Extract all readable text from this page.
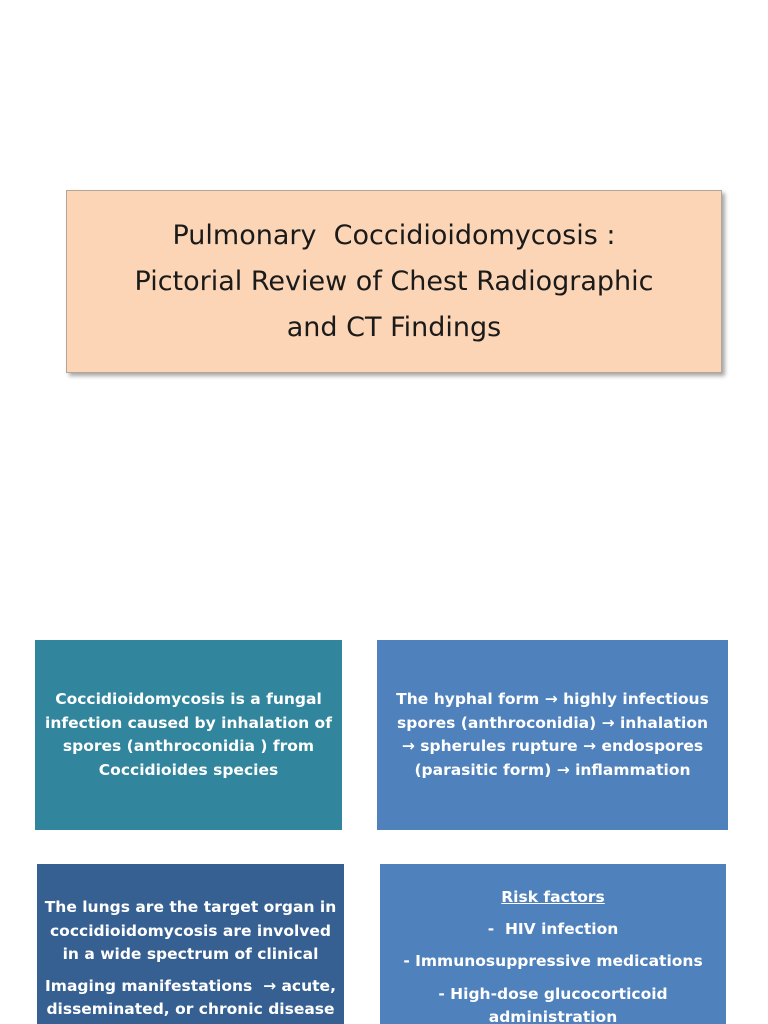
Pulmonary  Coccidioidomycosis :
Pictorial Review of Chest Radiographic
and CT Findings

Coccidioidomycosis is a fungal

infection caused by inhalation of

spores (anthroconidia ) from

Coccidioides species

The hyphal form → highly infectious

spores (anthroconidia) → inhalation

→ spherules rupture → endospores

(parasitic form) → inflammation

The lungs are the target organ in

coccidioidomycosis are involved

in a wide spectrum of clinical

Imaging manifestations  → acute,

disseminated, or chronic disease

Risk factors

-  HIV infection

- Immunosuppressive medications

- High-dose glucocorticoid

administration
